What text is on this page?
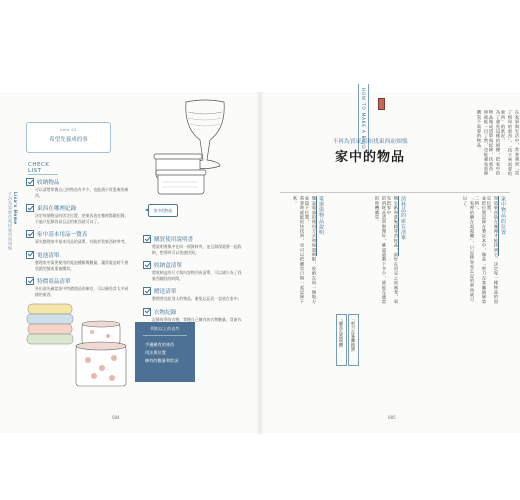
Lisa's Home
不再為買東西和找東西而煩惱
note 02
希望先養成的事
CHECK LIST
收納物品
可以清楚掌握自己的物品有多少，也能減少買重複的東西。
東西在哪裡紀錄
決定每個物品的固定位置，把東西放在哪裡都做紀錄，不過只紀錄容易忘記的東西就可以了。
家中基本用品一覽表
事先整理家中基本用品的清單，有助於買東西時參考。
電池清單
整理家中需要使用的電池種類與數量，讓買電池時不會買錯型號或重複購買。
特價商品清單
外出前先確認家中特價商品的庫存，可以避免買太多同樣的東西。
家中的物品
購買使用說明書
將說明書集中在同一個資料夾，並且與保證書一起收納，想用時可以快速找到。
收納盒清單
將收納盒的尺寸與內容物列成清單，可以減少為了找東西翻找的時間。
贈送清單
整理要送給別人的物品，避免忘記而一直放在家中。
衣物紀錄
記錄每季的衣物，掌握自己擁有的衣物數量，買新衣
例如以上的這些
手邊擁有的東西
用法與位置
擁有的數量和狀況
084
HOW TO MAKE A BUJO
不再為買東西和找東西而煩惱
家中的物品	在家事與生活中，常會遇到「買了相同的東西」、「找不到需要的東西」的狀況。
為了避免這樣的困擾，把家中的物品做成清單與紀錄，找東西
時就能一目了然，也能避免重複購買不需要的物品。
家中物品的位置
知道東西放在哪裡才能找到它，決定每一樣物品的固定位置，
並把位置記錄在筆記本中，像是「剪刀在客廳抽屜第二格」、
「家裡的藥在電視櫃」，只記錄容易忘記的東西就可以了。
消耗品的庫存清單
衛生紙和洗髮精等消耗品，最好在用完之前補充，事先把家中
的消耗品清單整理好，確認還剩下多少，就能在適當的時機購買。
電器與物品說明
像是電器的使用方式和保證期限，收納在同一個地方並寫下位置，
需要時就能很快找到，也可以把購買日期一起記錄下來。
「剪刀在客廳抽屜」
「藥品在電視櫃」
085
